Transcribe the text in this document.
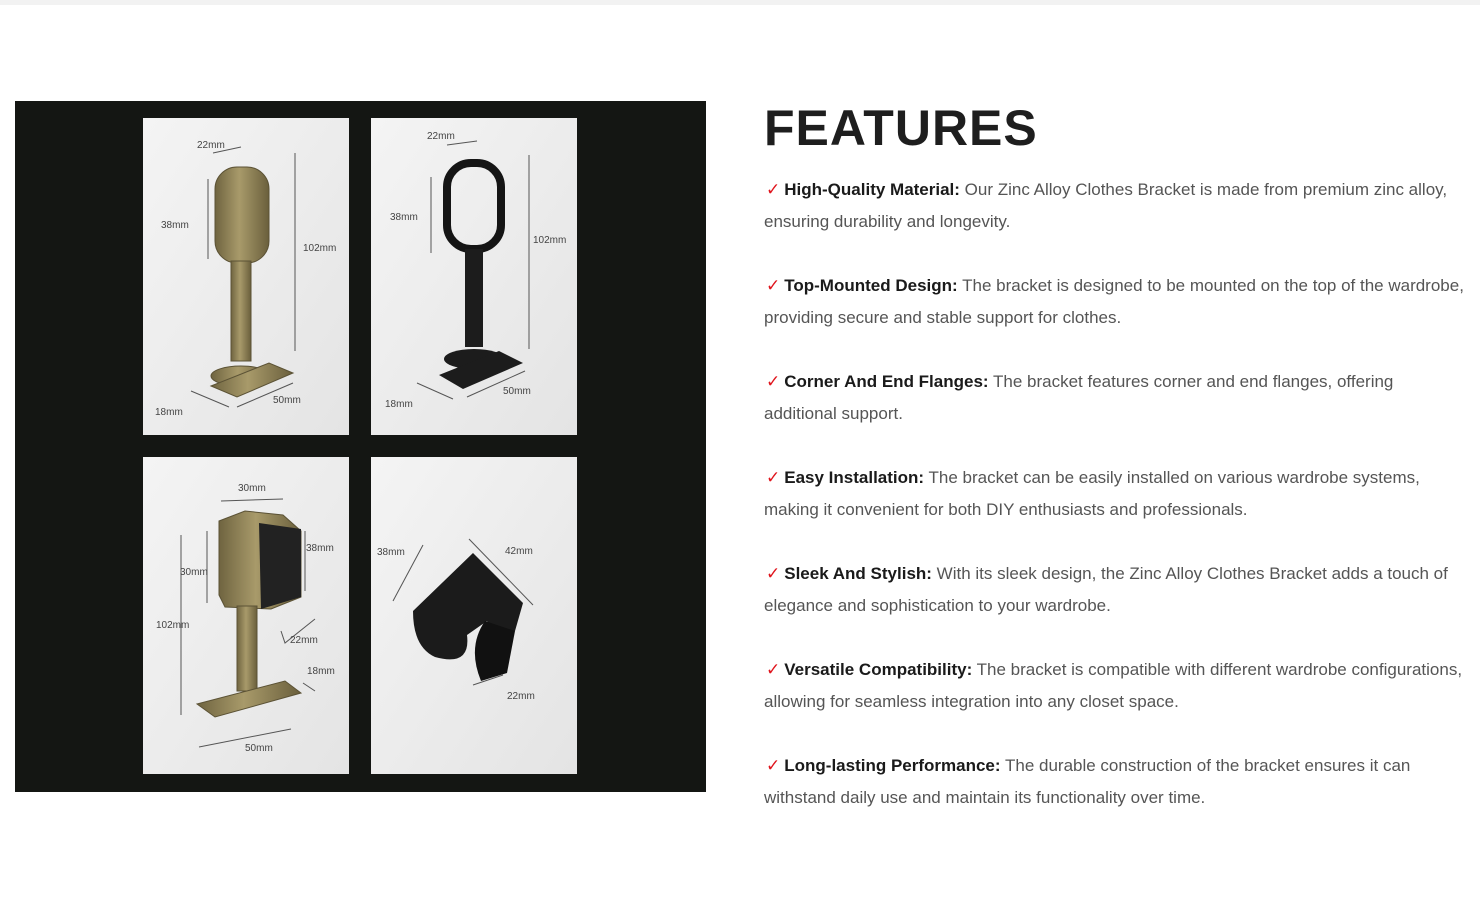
22mm
38mm
102mm
50mm
18mm
22mm
38mm
102mm
50mm
18mm
30mm
30mm
38mm
102mm
22mm
18mm
50mm
38mm	42mm
22mm
FEATURES
✓ High-Quality Material: Our Zinc Alloy Clothes Bracket is made from premium zinc alloy, ensuring durability and longevity.
✓ Top-Mounted Design: The bracket is designed to be mounted on the top of the wardrobe, providing secure and stable support for clothes.
✓ Corner And End Flanges: The bracket features corner and end flanges, offering additional support.
✓ Easy Installation: The bracket can be easily installed on various wardrobe systems, making it convenient for both DIY enthusiasts and professionals.
✓ Sleek And Stylish: With its sleek design, the Zinc Alloy Clothes Bracket adds a touch of elegance and sophistication to your wardrobe.
✓ Versatile Compatibility: The bracket is compatible with different wardrobe configurations, allowing for seamless integration into any closet space.
✓ Long-lasting Performance: The durable construction of the bracket ensures it can withstand daily use and maintain its functionality over time.
